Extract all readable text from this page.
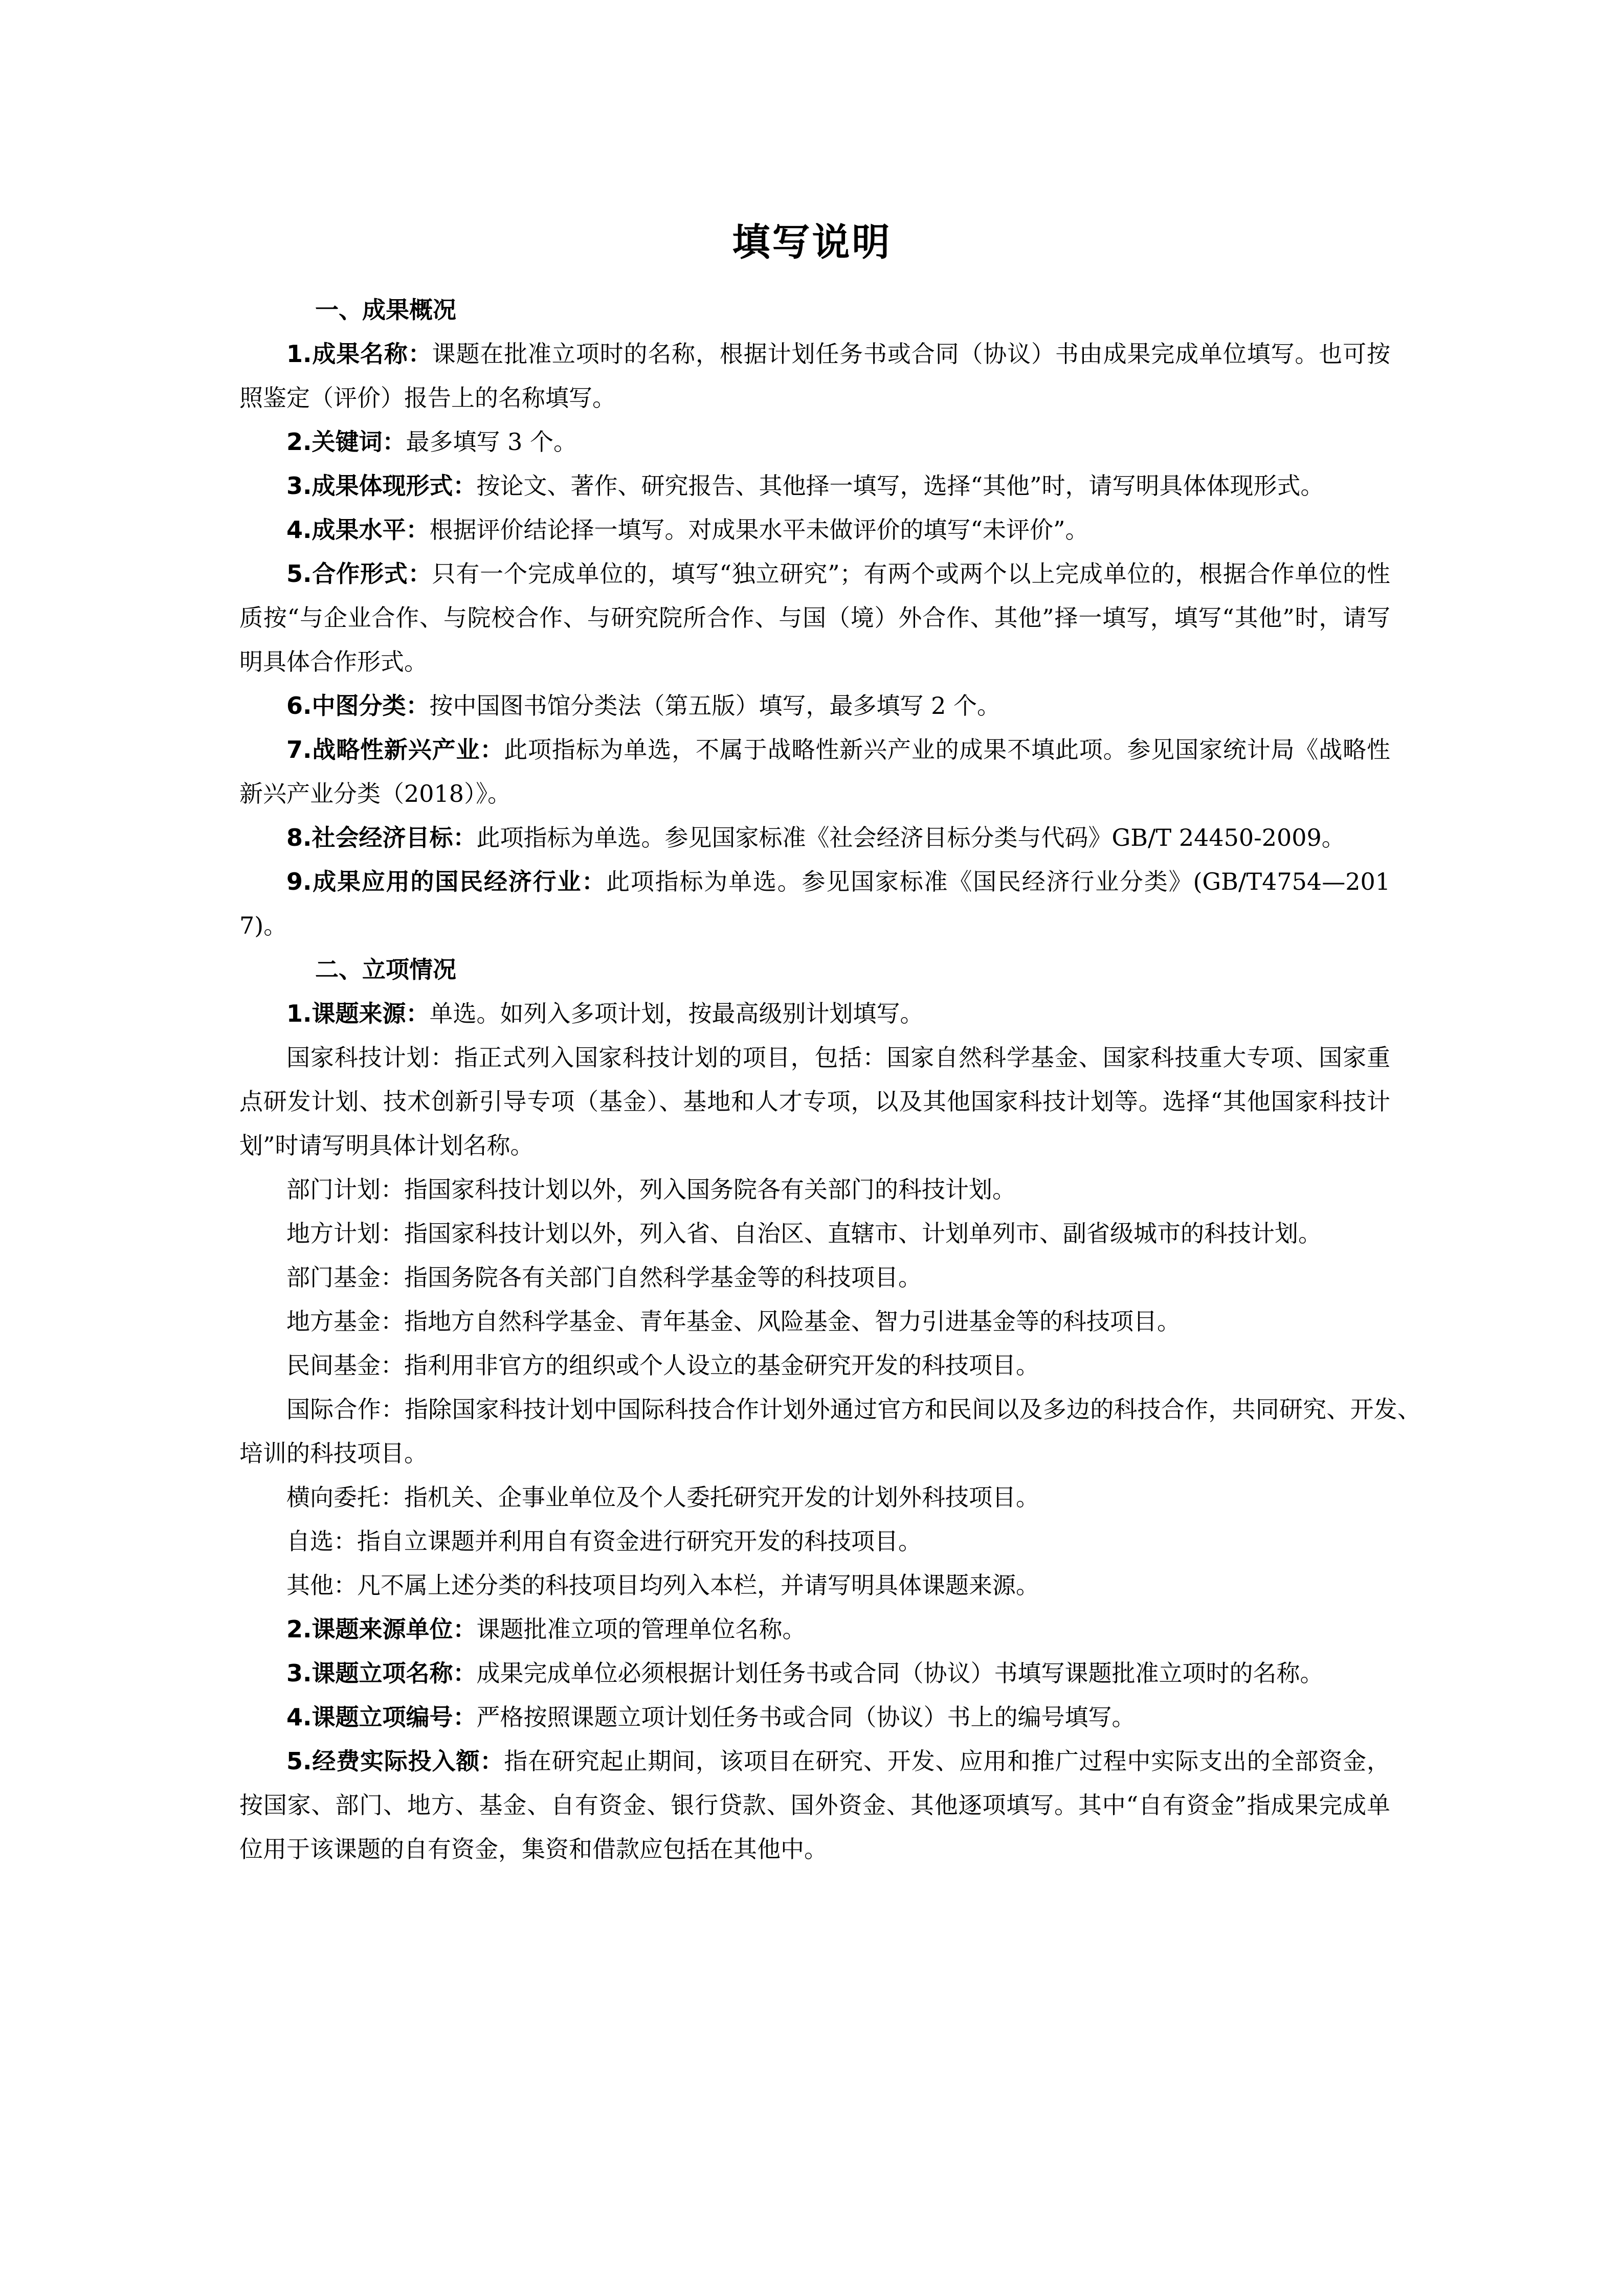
填写说明

一、成果概况

1.成果名称：课题在批准立项时的名称，根据计划任务书或合同（协议）书由成果完成单位填写。也可按照鉴定（评价）报告上的名称填写。

2.关键词：最多填写 3 个。

3.成果体现形式：按论文、著作、研究报告、其他择一填写，选择“其他”时，请写明具体体现形式。

4.成果水平：根据评价结论择一填写。对成果水平未做评价的填写“未评价”。

5.合作形式：只有一个完成单位的，填写“独立研究”；有两个或两个以上完成单位的，根据合作单位的性质按“与企业合作、与院校合作、与研究院所合作、与国（境）外合作、其他”择一填写，填写“其他”时，请写明具体合作形式。

6.中图分类：按中国图书馆分类法（第五版）填写，最多填写 2 个。

7.战略性新兴产业：此项指标为单选，不属于战略性新兴产业的成果不填此项。参见国家统计局《战略性新兴产业分类（2018）》。

8.社会经济目标：此项指标为单选。参见国家标准《社会经济目标分类与代码》GB/T 24450-2009。

9.成果应用的国民经济行业：此项指标为单选。参见国家标准《国民经济行业分类》(GB/T4754—2017)。

二、立项情况

1.课题来源：单选。如列入多项计划，按最高级别计划填写。

国家科技计划：指正式列入国家科技计划的项目，包括：国家自然科学基金、国家科技重大专项、国家重点研发计划、技术创新引导专项（基金）、基地和人才专项，以及其他国家科技计划等。选择“其他国家科技计划”时请写明具体计划名称。

部门计划：指国家科技计划以外，列入国务院各有关部门的科技计划。

地方计划：指国家科技计划以外，列入省、自治区、直辖市、计划单列市、副省级城市的科技计划。

部门基金：指国务院各有关部门自然科学基金等的科技项目。

地方基金：指地方自然科学基金、青年基金、风险基金、智力引进基金等的科技项目。

民间基金：指利用非官方的组织或个人设立的基金研究开发的科技项目。

国际合作：指除国家科技计划中国际科技合作计划外通过官方和民间以及多边的科技合作，共同研究、开发、培训的科技项目。

横向委托：指机关、企事业单位及个人委托研究开发的计划外科技项目。

自选：指自立课题并利用自有资金进行研究开发的科技项目。

其他：凡不属上述分类的科技项目均列入本栏，并请写明具体课题来源。

2.课题来源单位：课题批准立项的管理单位名称。

3.课题立项名称：成果完成单位必须根据计划任务书或合同（协议）书填写课题批准立项时的名称。

4.课题立项编号：严格按照课题立项计划任务书或合同（协议）书上的编号填写。

5.经费实际投入额：指在研究起止期间，该项目在研究、开发、应用和推广过程中实际支出的全部资金，按国家、部门、地方、基金、自有资金、银行贷款、国外资金、其他逐项填写。其中“自有资金”指成果完成单位用于该课题的自有资金，集资和借款应包括在其他中。
